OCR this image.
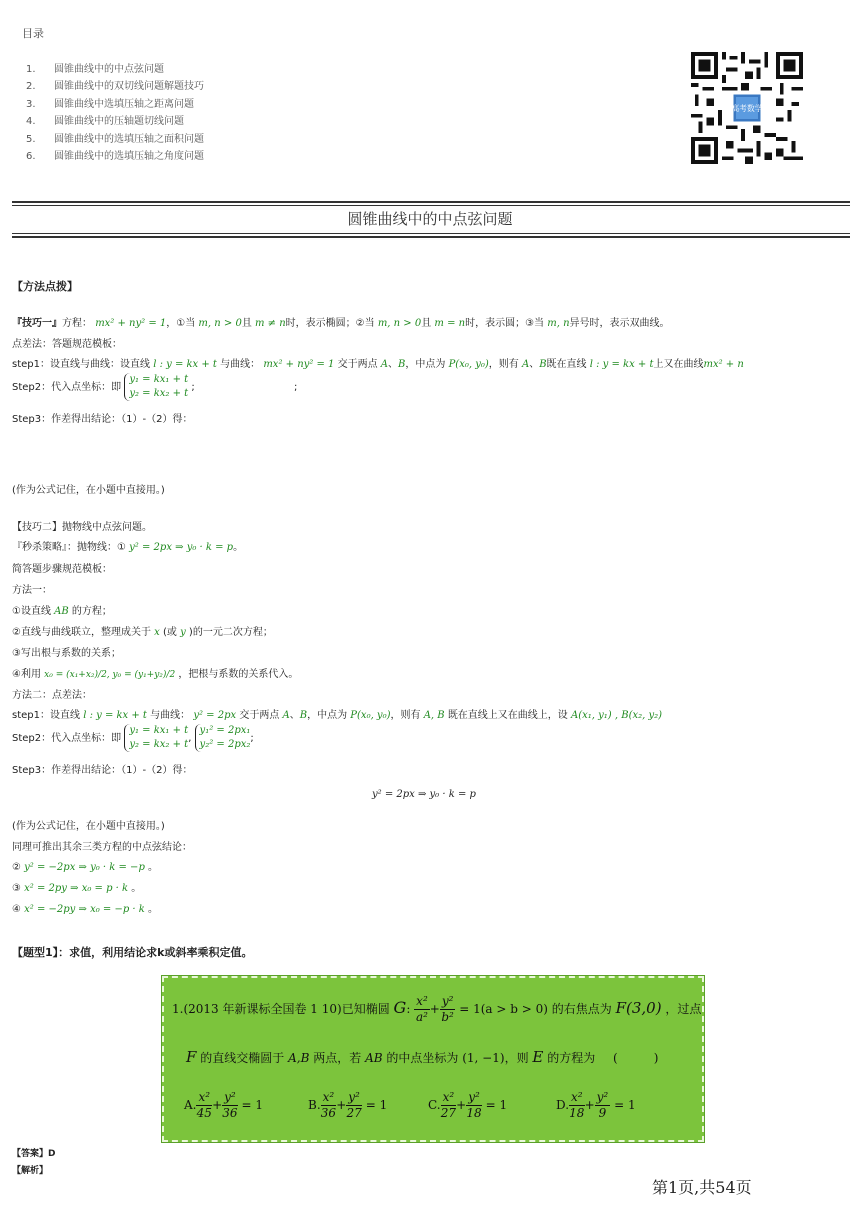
目录
1.	圆锥曲线中的中点弦问题
2.	圆锥曲线中的双切线问题解题技巧
3.	圆锥曲线中选填压轴之距离问题
4.	圆锥曲线中的压轴题切线问题
5.	圆锥曲线中的选填压轴之面积问题
6.	圆锥曲线中的选填压轴之角度问题
高考数学
圆锥曲线中的中点弦问题
【方法点拨】
『技巧一』方程： mx² + ny² = 1，①当 m, n > 0且 m ≠ n时，表示椭圆；②当 m, n > 0且 m = n时，表示圆；③当 m, n异号时，表示双曲线。
点差法：答题规范模板：
step1：设直线与曲线：设直线 l : y = kx + t 与曲线： mx² + ny² = 1 交于两点 A、B，中点为 P(x₀, y₀)，则有 A、B既在直线 l : y = kx + t上又在曲线mx² + n
Step2：代入点坐标：即 y₁ = kx₁ + t
y₂ = kx₂ + t ;	;
Step3：作差得出结论：（1）-（2）得：
(作为公式记住，在小题中直接用。)
【技巧二】抛物线中点弦问题。
『秒杀策略』：抛物线：① y² = 2px ⇒ y₀ · k = p。
简答题步骤规范模板：
方法一：
①设直线 AB 的方程；
②直线与曲线联立，整理成关于 x (或 y )的一元二次方程；
③写出根与系数的关系；
④利用 x₀ = (x₁+x₂)/2, y₀ = (y₁+y₂)/2 ，把根与系数的关系代入。
方法二：点差法：
step1：设直线 l : y = kx + t 与曲线： y² = 2px 交于两点 A、B，中点为 P(x₀, y₀)，则有 A, B 既在直线上又在曲线上，设 A(x₁, y₁) , B(x₂, y₂)
Step2：代入点坐标：即 y₁ = kx₁ + t
y₂ = kx₂ + t, y₁² = 2px₁
y₂² = 2px₂;
Step3：作差得出结论：（1）-（2）得：
y² = 2px ⇒ y₀ · k = p
(作为公式记住，在小题中直接用。)
同理可推出其余三类方程的中点弦结论：
② y² = −2px ⇒ y₀ · k = −p 。
③ x² = 2py ⇒ x₀ = p · k 。
④ x² = −2py ⇒ x₀ = −p · k 。
【题型1】：求值，利用结论求k或斜率乘积定值。
1.(2013 年新课标全国卷 1 10)已知椭圆 G: $\frac{\text{x²}}{\text{a²}} + \frac{\text{y²}}{\text{b²}} = 1(a > b > 0)$ 的右焦点为 F(3,0) ，过点
F 的直线交椭圆于 A,B 两点，若 AB 的中点坐标为 (1, −1)，则 E 的方程为 (　　　)
A. $\frac{\text{x²}}{45} + \frac{\text{y²}}{36} = 1$	B. $\frac{\text{x²}}{36} + \frac{\text{y²}}{27} = 1$	C. $\frac{\text{x²}}{27} + \frac{\text{y²}}{18} = 1$	D. $\frac{\text{x²}}{18} + \frac{\text{y²}}{9} = 1$
【答案】D
【解析】
第1页,共54页
